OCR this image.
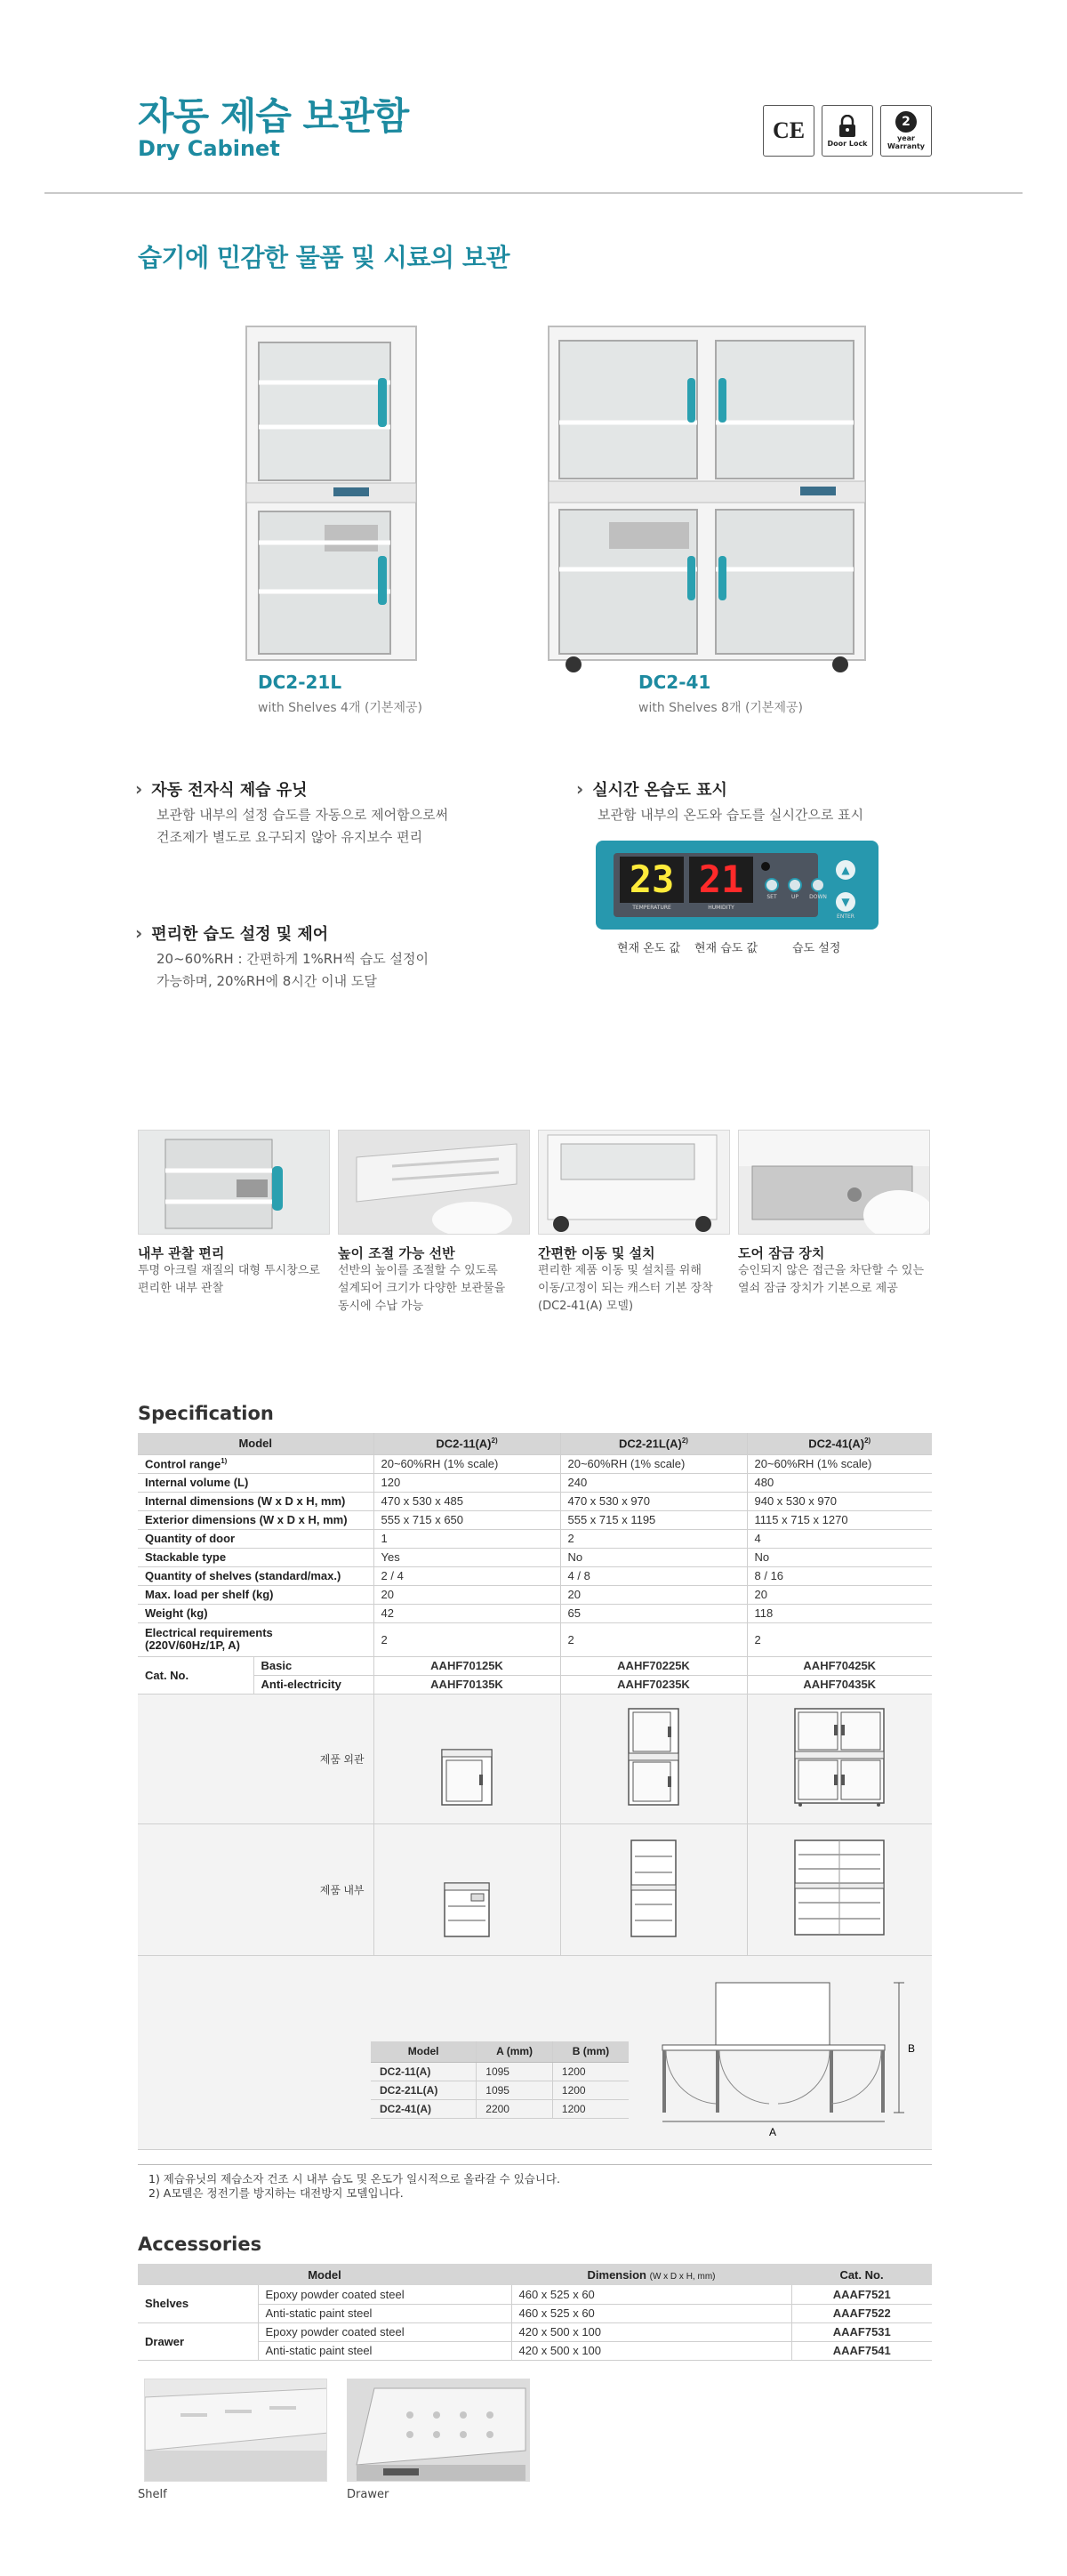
자동 제습 보관함
Dry Cabinet
CE	Door Lock
2
year Warranty
습기에 민감한 물품 및 시료의 보관
DC2-21L
with Shelves 4개 (기본제공)
DC2-41
with Shelves 8개 (기본제공)
› 자동 전자식 제습 유닛
보관함 내부의 설정 습도를 자동으로 제어함으로써
건조제가 별도로 요구되지 않아 유지보수 편리
› 편리한 습도 설정 및 제어
20~60%RH : 간편하게 1%RH씩 습도 설정이
가능하며, 20%RH에 8시간 이내 도달
› 실시간 온습도 표시
보관함 내부의 온도와 습도를 실시간으로 표시
23 21
TEMPERATURE	HUMIDITY
SET	UP	DOWN
▲
▼
ENTER
현재 온도 값 현재 습도 값	습도 설정
내부 관찰 편리
투명 아크릴 재질의 대형 투시창으로
편리한 내부 관찰
높이 조절 가능 선반
선반의 높이를 조절할 수 있도록
설계되어 크기가 다양한 보관물을
동시에 수납 가능
간편한 이동 및 설치
편리한 제품 이동 및 설치를 위해
이동/고정이 되는 캐스터 기본 장착
(DC2-41(A) 모델)
도어 잠금 장치
승인되지 않은 접근을 차단할 수 있는
열쇠 잠금 장치가 기본으로 제공
Specification
Model	$DC2-11(A)^{2)}$	$DC2-21L(A)^{2)}$	$DC2-41(A)^{2)}$
Control range$^{1)}$	20~60%RH (1% scale)	20~60%RH (1% scale)	20~60%RH (1% scale)
Internal volume (L)	120	240	480
Internal dimensions (W x D x H, mm)	470 x 530 x 485	470 x 530 x 970	940 x 530 x 970
Exterior dimensions (W x D x H, mm)	555 x 715 x 650	555 x 715 x 1195	1115 x 715 x 1270
Quantity of door	1	2	4
Stackable type	Yes	No	No
Quantity of shelves (standard/max.)	2 / 4	4 / 8	8 / 16
Max. load per shelf (kg)	20	20	20
Weight (kg)	42	65	118

Electrical requirements
(220V/60Hz/1P, A)	2	2	2
Cat. No.	Basic	AAHF70125K	AAHF70225K	AAHF70425K
Anti-electricity	AAHF70135K	AAHF70235K	AAHF70435K
제품 외관			
제품 내부			

Model	A (mm)	B (mm)
DC2-11(A)	1095	1200
DC2-21L(A)	1095	1200
DC2-41(A)	2200	1200
A
B
1) 제습유닛의 제습소자 건조 시 내부 습도 및 온도가 일시적으로 올라갈 수 있습니다.
2) A모델은 정전기를 방지하는 대전방지 모델입니다.
Accessories
Model		Dimension (W x D x H, mm)	Cat. No.
Shelves	Epoxy powder coated steel	460 x 525 x 60	AAAF7521
	Anti-static paint steel	460 x 525 x 60	AAAF7522
Drawer	Epoxy powder coated steel	420 x 500 x 100	AAAF7531
	Anti-static paint steel	420 x 500 x 100	AAAF7541
Shelf	Drawer
